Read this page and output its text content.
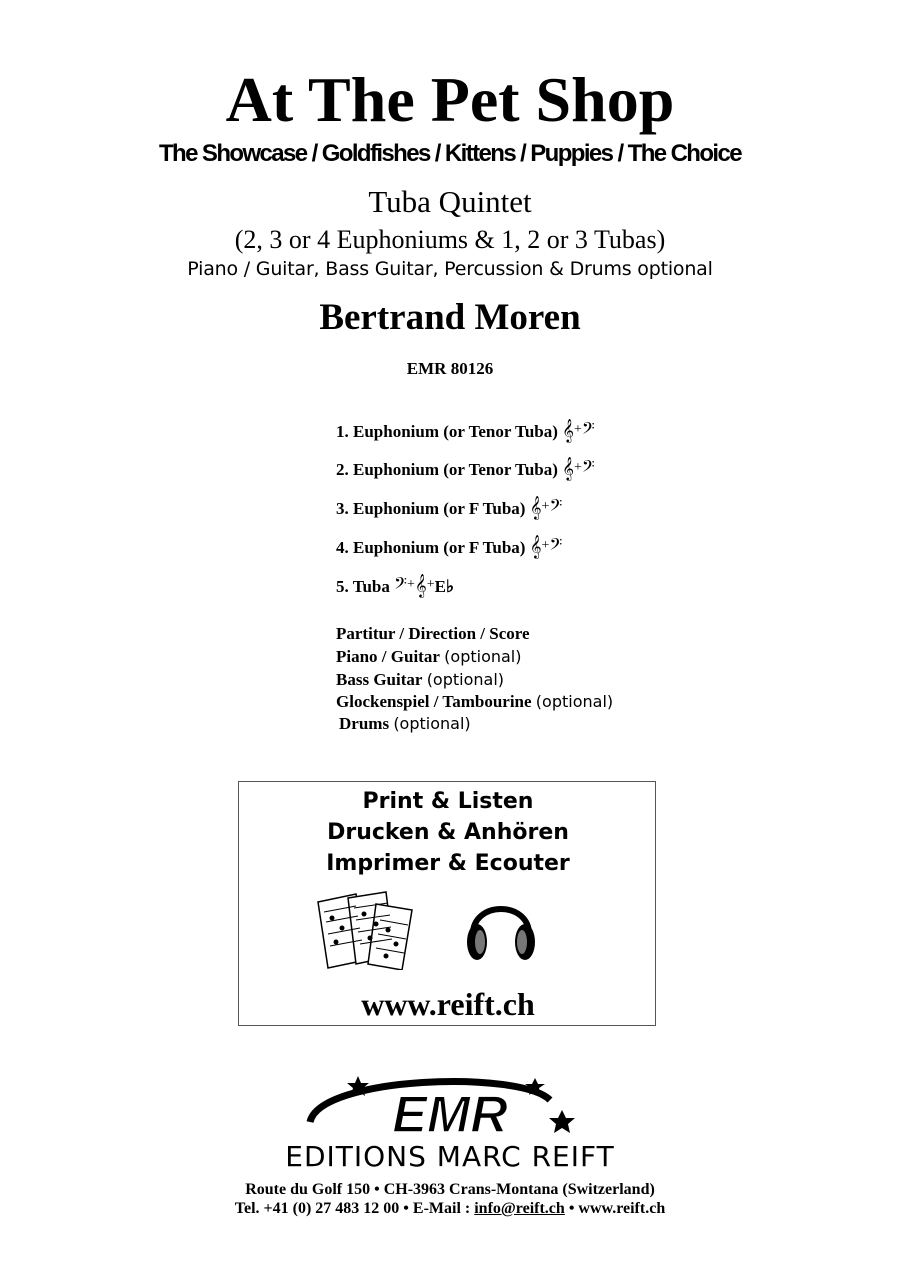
At The Pet Shop
The Showcase / Goldfishes / Kittens / Puppies / The Choice
Tuba Quintet
(2, 3 or 4 Euphoniums & 1, 2 or 3 Tubas)
Piano / Guitar, Bass Guitar, Percussion & Drums optional
Bertrand Moren
EMR 80126
1. Euphonium (or Tenor Tuba) 𝄞+𝄢
2. Euphonium (or Tenor Tuba) 𝄞+𝄢
3. Euphonium (or F Tuba) 𝄞+𝄢
4. Euphonium (or F Tuba) 𝄞+𝄢
5. Tuba 𝄢+𝄞+E♭
Partitur / Direction / Score
Piano / Guitar (optional)
Bass Guitar (optional)
Glockenspiel / Tambourine (optional)
Drums (optional)
Print & Listen
Drucken & Anhören
Imprimer & Ecouter
www.reift.ch
EMR
EDITIONS MARC REIFT
Route du Golf 150 • CH-3963 Crans-Montana (Switzerland)
Tel. +41 (0) 27 483 12 00 • E-Mail : info@reift.ch • www.reift.ch
